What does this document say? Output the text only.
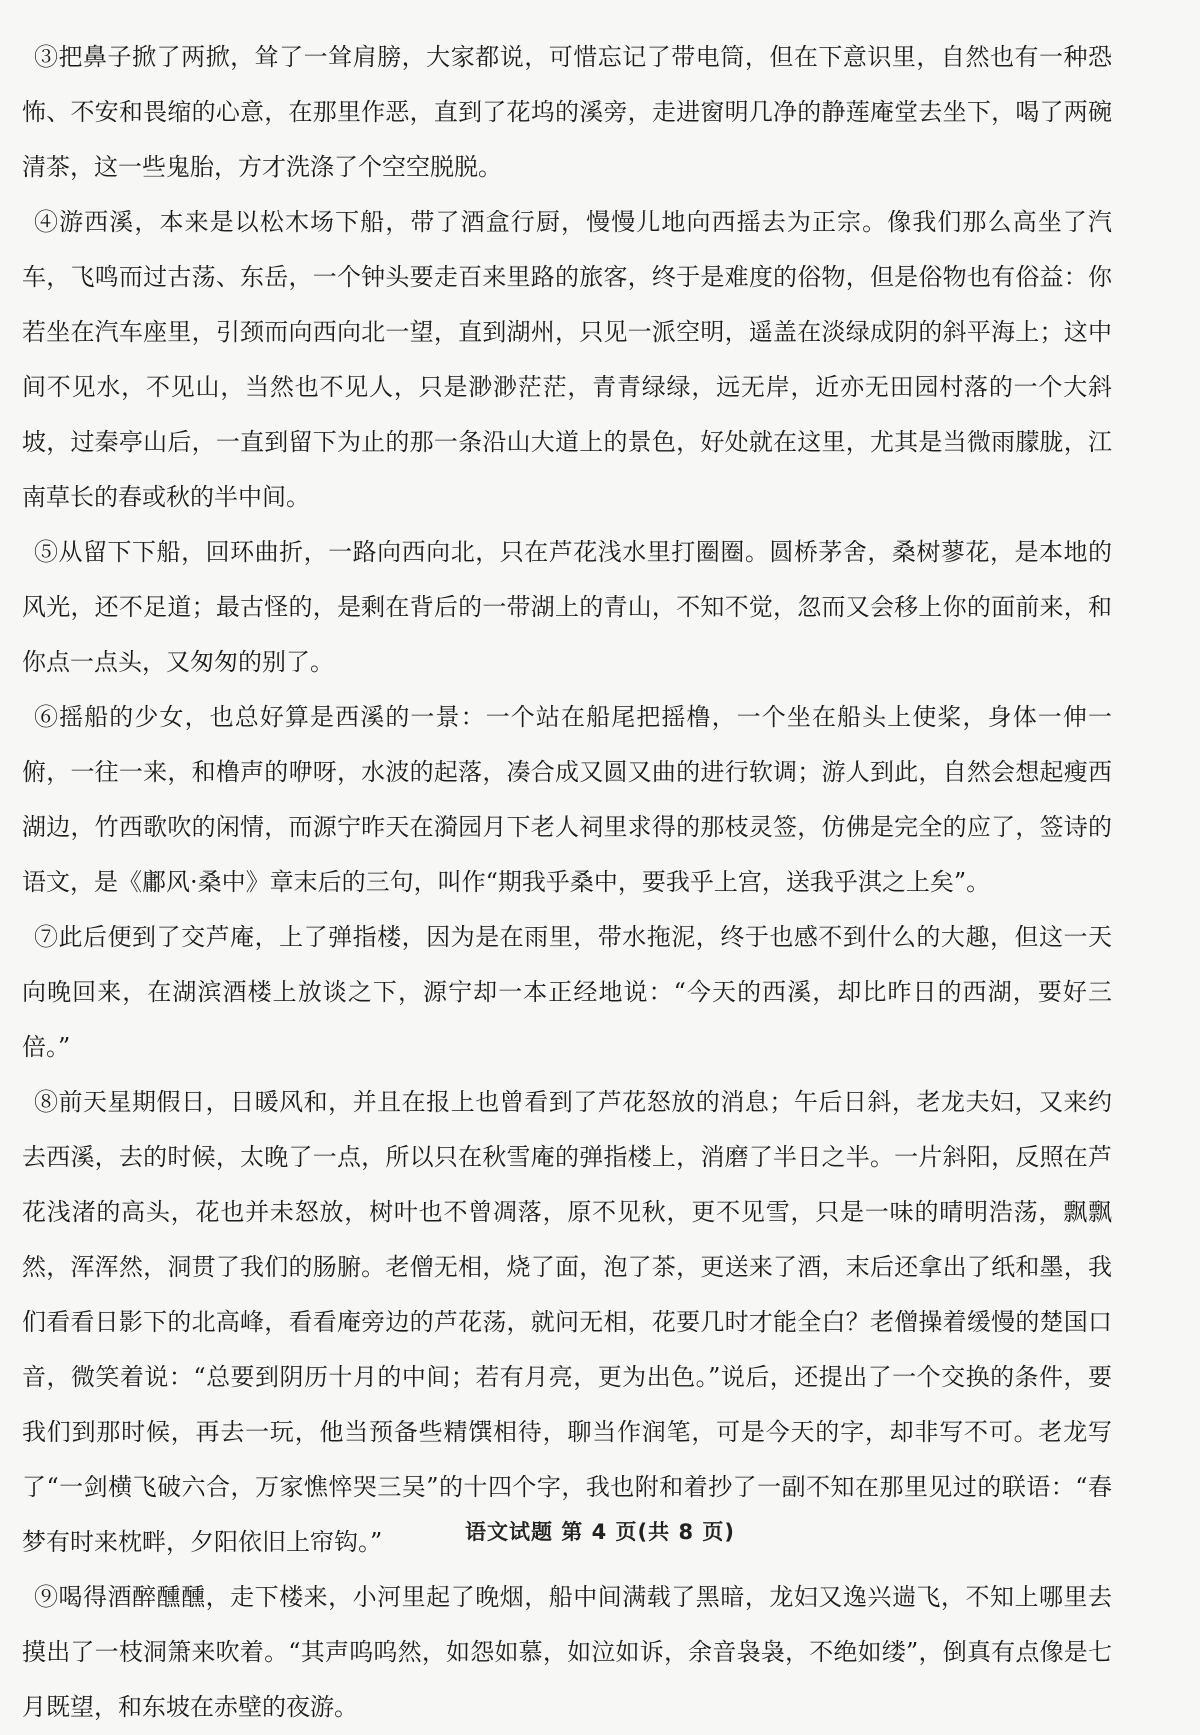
③把鼻子掀了两掀，耸了一耸肩膀，大家都说，可惜忘记了带电筒，但在下意识里，自然也有一种恐怖、不安和畏缩的心意，在那里作恶，直到了花坞的溪旁，走进窗明几净的静莲庵堂去坐下，喝了两碗清茶，这一些鬼胎，方才洗涤了个空空脱脱。

④游西溪，本来是以松木场下船，带了酒盒行厨，慢慢儿地向西摇去为正宗。像我们那么高坐了汽车，飞鸣而过古荡、东岳，一个钟头要走百来里路的旅客，终于是难度的俗物，但是俗物也有俗益：你若坐在汽车座里，引颈而向西向北一望，直到湖州，只见一派空明，遥盖在淡绿成阴的斜平海上；这中间不见水，不见山，当然也不见人，只是渺渺茫茫，青青绿绿，远无岸，近亦无田园村落的一个大斜坡，过秦亭山后，一直到留下为止的那一条沿山大道上的景色，好处就在这里，尤其是当微雨朦胧，江南草长的春或秋的半中间。

⑤从留下下船，回环曲折，一路向西向北，只在芦花浅水里打圈圈。圆桥茅舍，桑树蓼花，是本地的风光，还不足道；最古怪的，是剩在背后的一带湖上的青山，不知不觉，忽而又会移上你的面前来，和你点一点头，又匆匆的别了。

⑥摇船的少女，也总好算是西溪的一景：一个站在船尾把摇橹，一个坐在船头上使桨，身体一伸一俯，一往一来，和橹声的咿呀，水波的起落，凑合成又圆又曲的进行软调；游人到此，自然会想起瘦西湖边，竹西歌吹的闲情，而源宁昨天在漪园月下老人祠里求得的那枝灵签，仿佛是完全的应了，签诗的语文，是《鄘风·桑中》章末后的三句，叫作“期我乎桑中，要我乎上宫，送我乎淇之上矣”。

⑦此后便到了交芦庵，上了弹指楼，因为是在雨里，带水拖泥，终于也感不到什么的大趣，但这一天向晚回来，在湖滨酒楼上放谈之下，源宁却一本正经地说：“今天的西溪，却比昨日的西湖，要好三倍。”

⑧前天星期假日，日暖风和，并且在报上也曾看到了芦花怒放的消息；午后日斜，老龙夫妇，又来约去西溪，去的时候，太晚了一点，所以只在秋雪庵的弹指楼上，消磨了半日之半。一片斜阳，反照在芦花浅渚的高头，花也并未怒放，树叶也不曾凋落，原不见秋，更不见雪，只是一味的晴明浩荡，飘飘然，浑浑然，洞贯了我们的肠腑。老僧无相，烧了面，泡了茶，更送来了酒，末后还拿出了纸和墨，我们看看日影下的北高峰，看看庵旁边的芦花荡，就问无相，花要几时才能全白？老僧操着缓慢的楚国口音，微笑着说：“总要到阴历十月的中间；若有月亮，更为出色。”说后，还提出了一个交换的条件，要我们到那时候，再去一玩，他当预备些精馔相待，聊当作润笔，可是今天的字，却非写不可。老龙写了“一剑横飞破六合，万家憔悴哭三吴”的十四个字，我也附和着抄了一副不知在那里见过的联语：“春梦有时来枕畔，夕阳依旧上帘钩。”

⑨喝得酒醉醺醺，走下楼来，小河里起了晚烟，船中间满载了黑暗，龙妇又逸兴遄飞，不知上哪里去摸出了一枝洞箫来吹着。“其声呜呜然，如怨如慕，如泣如诉，余音袅袅，不绝如缕”，倒真有点像是七月既望，和东坡在赤壁的夜游。

语文试题 第 4 页(共 8 页)
